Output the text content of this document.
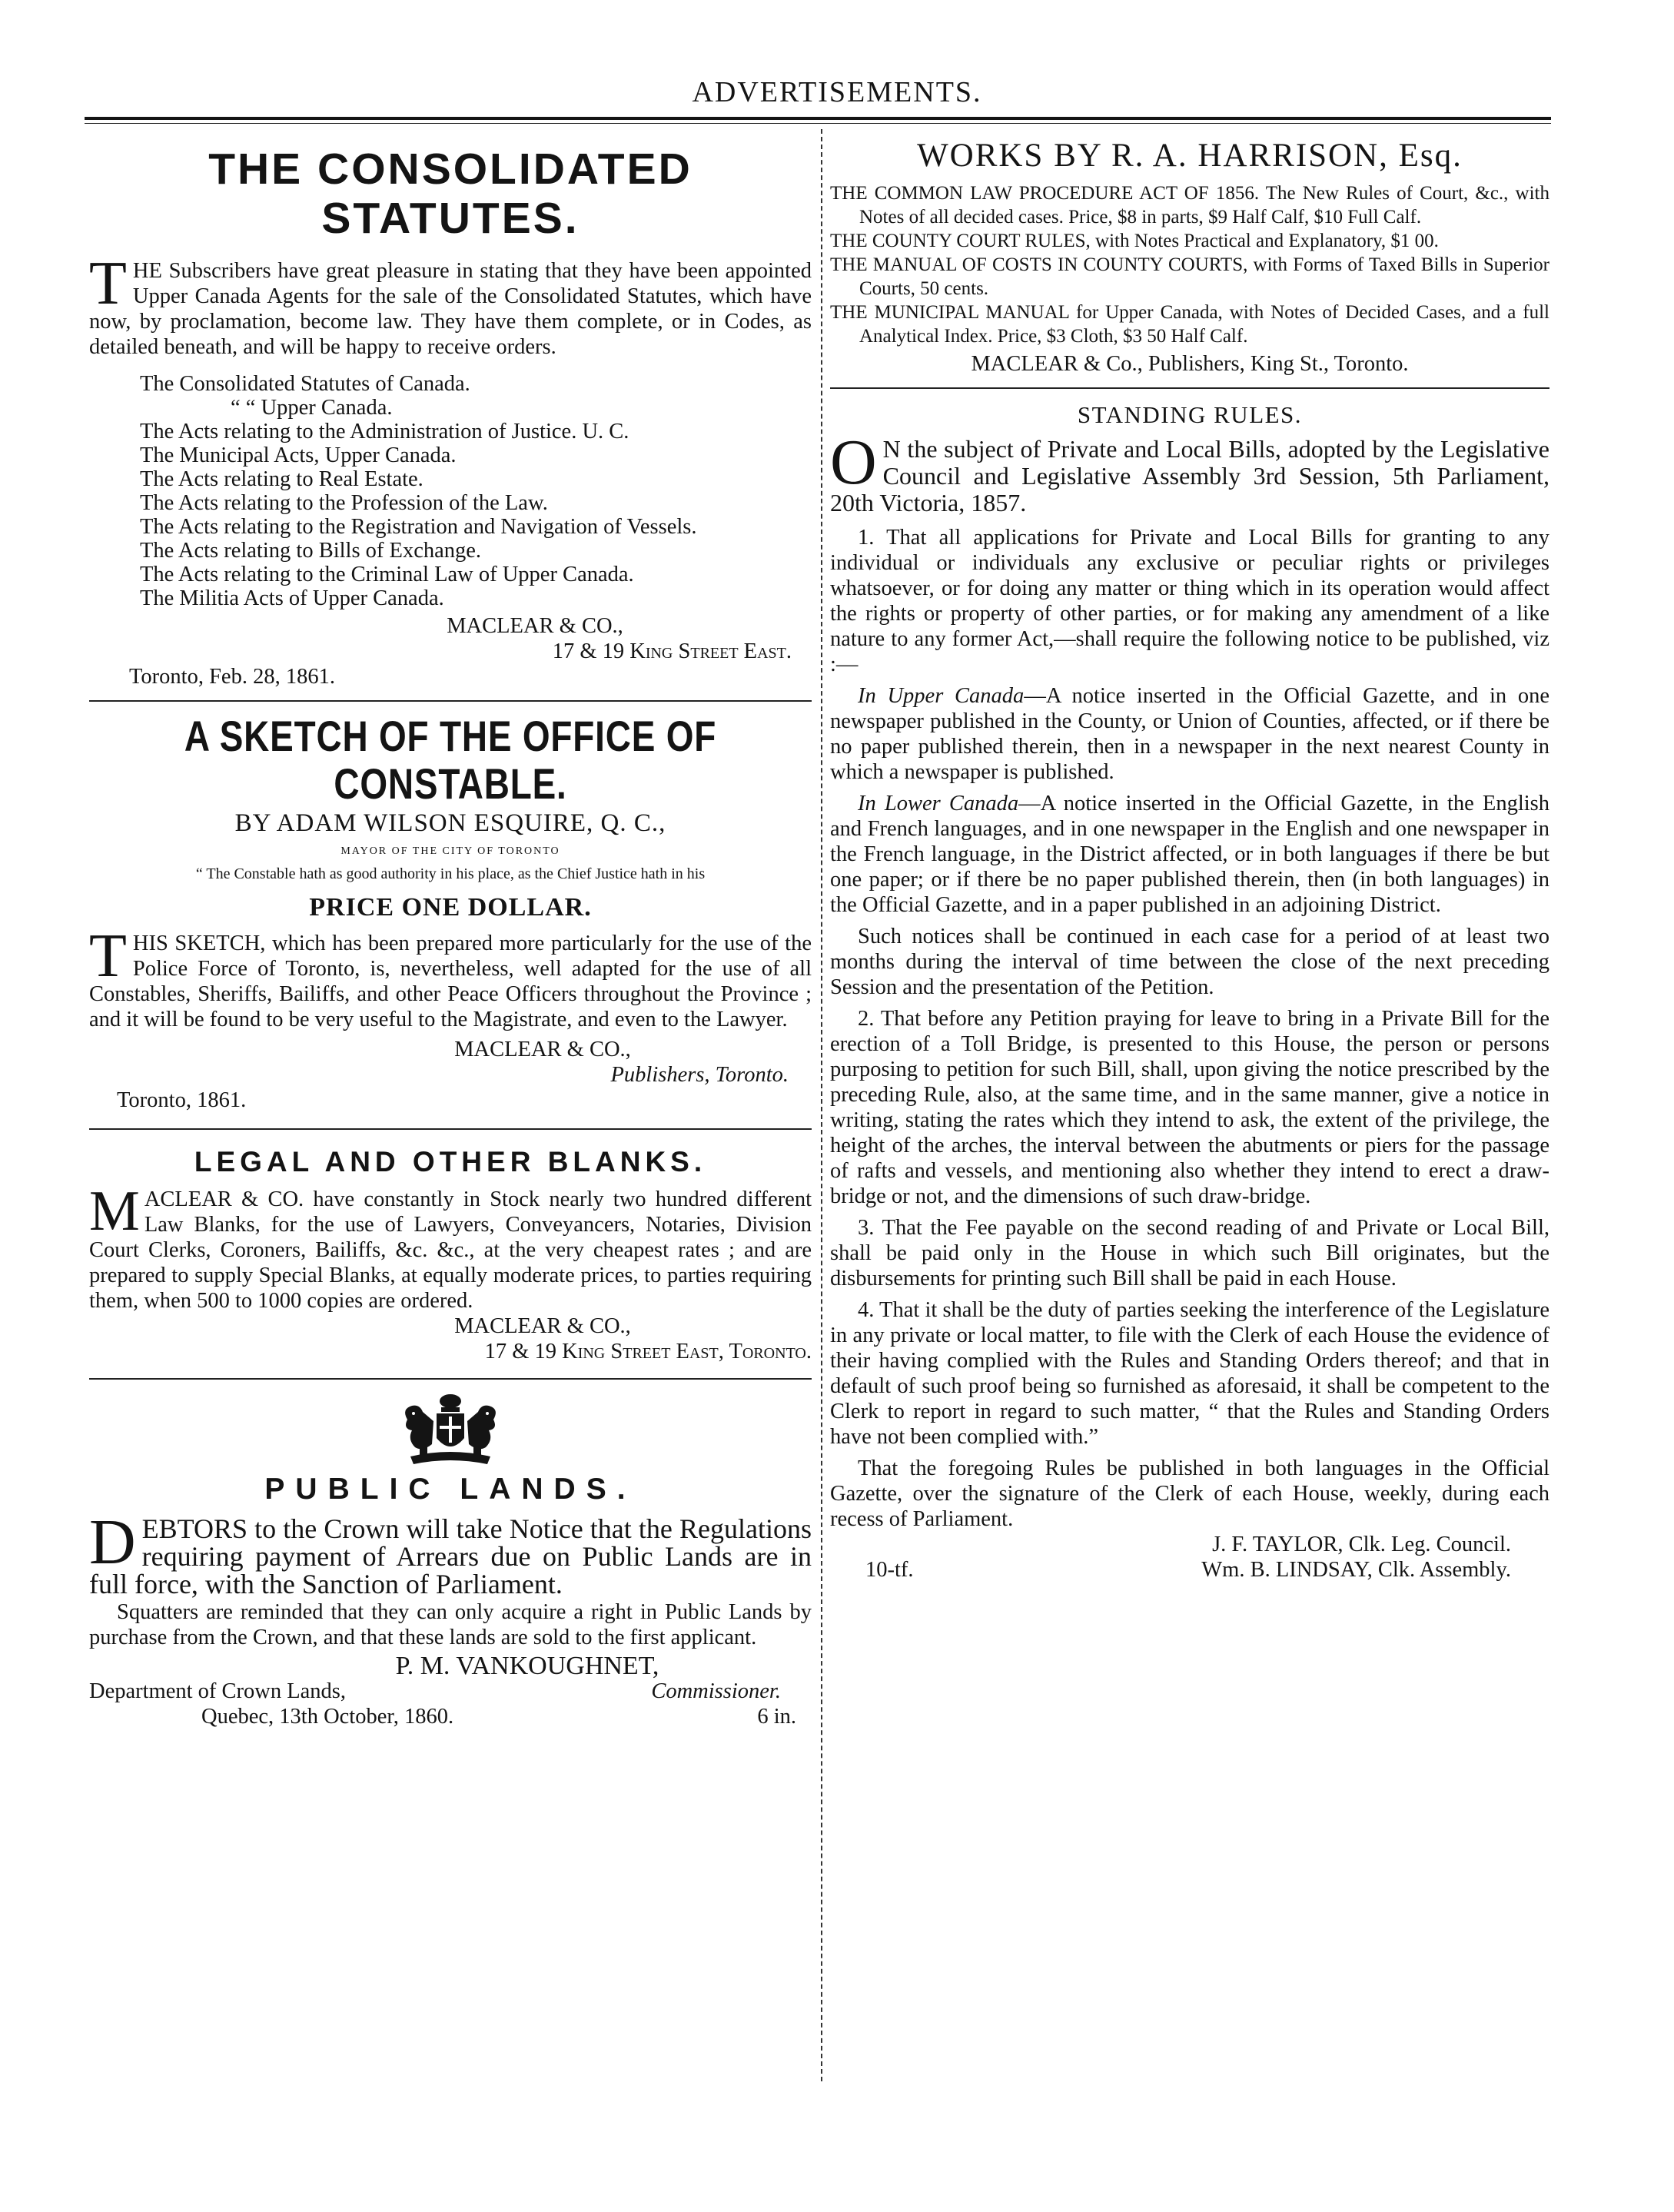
ADVERTISEMENTS.
THE CONSOLIDATED STATUTES.

THE Subscribers have great pleasure in stating that they have been appointed Upper Canada Agents for the sale of the Consolidated Statutes, which have now, by proclamation, become law. They have them complete, or in Codes, as detailed beneath, and will be happy to receive orders.

The Consolidated Statutes of Canada.

“ “ Upper Canada.

The Acts relating to the Administration of Justice. U. C.

The Municipal Acts, Upper Canada.

The Acts relating to Real Estate.

The Acts relating to the Profession of the Law.

The Acts relating to the Registration and Navigation of Vessels.

The Acts relating to Bills of Exchange.

The Acts relating to the Criminal Law of Upper Canada.

The Militia Acts of Upper Canada.

MACLEAR & CO.,

17 & 19 King Street East.

Toronto, Feb. 28, 1861.

A SKETCH OF THE OFFICE OF CONSTABLE.

BY ADAM WILSON ESQUIRE, Q. C.,

MAYOR OF THE CITY OF TORONTO

“ The Constable hath as good authority in his place, as the Chief Justice hath in his

PRICE ONE DOLLAR.

THIS SKETCH, which has been prepared more particularly for the use of the Police Force of Toronto, is, nevertheless, well adapted for the use of all Constables, Sheriffs, Bailiffs, and other Peace Officers throughout the Province ; and it will be found to be very useful to the Magistrate, and even to the Lawyer.

MACLEAR & CO.,

Publishers, Toronto.

Toronto, 1861.

LEGAL AND OTHER BLANKS.

MACLEAR & CO. have constantly in Stock nearly two hundred different Law Blanks, for the use of Lawyers, Conveyancers, Notaries, Division Court Clerks, Coroners, Bailiffs, &c. &c., at the very cheapest rates ; and are prepared to supply Special Blanks, at equally moderate prices, to parties requiring them, when 500 to 1000 copies are ordered.

MACLEAR & CO.,

17 & 19 King Street East, Toronto.

PUBLIC LANDS.

DEBTORS to the Crown will take Notice that the Regulations requiring payment of Arrears due on Public Lands are in full force, with the Sanction of Parliament.

Squatters are reminded that they can only acquire a right in Public Lands by purchase from the Crown, and that these lands are sold to the first applicant.

P. M. VANKOUGHNET,

Department of Crown Lands,	Commissioner.
Quebec, 13th October, 1860.	6 in.
WORKS BY R. A. HARRISON, Esq.

THE COMMON LAW PROCEDURE ACT OF 1856. The New Rules of Court, &c., with Notes of all decided cases. Price, $8 in parts, $9 Half Calf, $10 Full Calf.

THE COUNTY COURT RULES, with Notes Practical and Explanatory, $1 00.

THE MANUAL OF COSTS IN COUNTY COURTS, with Forms of Taxed Bills in Superior Courts, 50 cents.

THE MUNICIPAL MANUAL for Upper Canada, with Notes of Decided Cases, and a full Analytical Index. Price, $3 Cloth, $3 50 Half Calf.

MACLEAR & Co., Publishers, King St., Toronto.

STANDING RULES.

O N the subject of Private and Local Bills, adopted by the Legislative Council and Legislative Assembly 3rd Session, 5th Parliament, 20th Victoria, 1857.

1. That all applications for Private and Local Bills for granting to any individual or individuals any exclusive or peculiar rights or privileges whatsoever, or for doing any matter or thing which in its operation would affect the rights or property of other parties, or for making any amendment of a like nature to any former Act,—shall require the following notice to be published, viz :—

In Upper Canada—A notice inserted in the Official Gazette, and in one newspaper published in the County, or Union of Counties, affected, or if there be no paper published therein, then in a newspaper in the next nearest County in which a newspaper is published.

In Lower Canada—A notice inserted in the Official Gazette, in the English and French languages, and in one newspaper in the English and one newspaper in the French language, in the District affected, or in both languages if there be but one paper; or if there be no paper published therein, then (in both languages) in the Official Gazette, and in a paper published in an adjoining District.

Such notices shall be continued in each case for a period of at least two months during the interval of time between the close of the next preceding Session and the presentation of the Petition.

2. That before any Petition praying for leave to bring in a Private Bill for the erection of a Toll Bridge, is presented to this House, the person or persons purposing to petition for such Bill, shall, upon giving the notice prescribed by the preceding Rule, also, at the same time, and in the same manner, give a notice in writing, stating the rates which they intend to ask, the extent of the privilege, the height of the arches, the interval between the abutments or piers for the passage of rafts and vessels, and mentioning also whether they intend to erect a draw-bridge or not, and the dimensions of such draw-bridge.

3. That the Fee payable on the second reading of and Private or Local Bill, shall be paid only in the House in which such Bill originates, but the disbursements for printing such Bill shall be paid in each House.

4. That it shall be the duty of parties seeking the interference of the Legislature in any private or local matter, to file with the Clerk of each House the evidence of their having complied with the Rules and Standing Orders thereof; and that in default of such proof being so furnished as aforesaid, it shall be competent to the Clerk to report in regard to such matter, “ that the Rules and Standing Orders have not been complied with.”

That the foregoing Rules be published in both languages in the Official Gazette, over the signature of the Clerk of each House, weekly, during each recess of Parliament.

J. F. TAYLOR, Clk. Leg. Council.

10-tf.	Wm. B. LINDSAY, Clk. Assembly.
